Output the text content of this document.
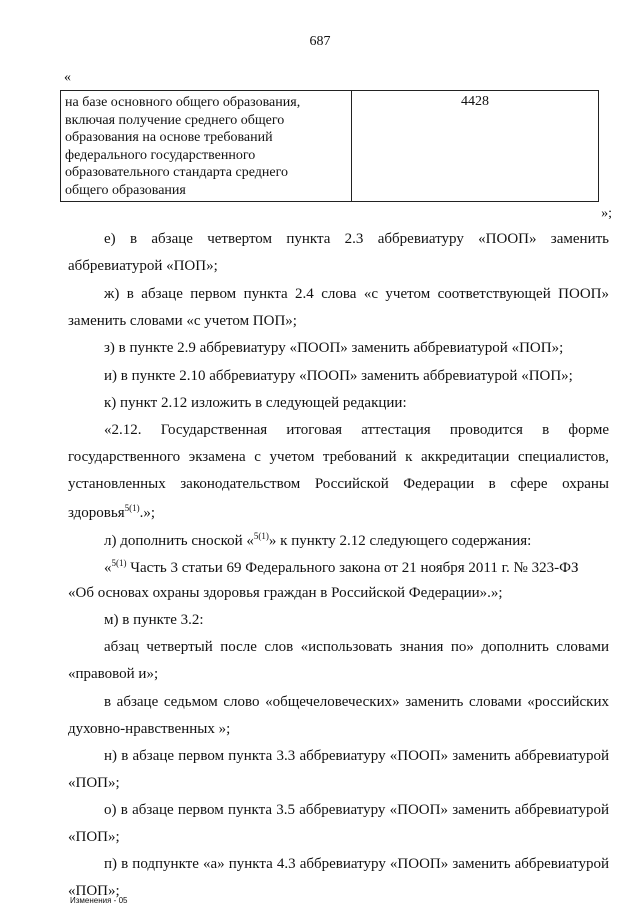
687
«
на базе основного общего образования,
включая получение среднего общего
образования на основе требований
федерального государственного
образовательного стандарта среднего
общего образования
4428
»;
е) в абзаце четвертом пункта 2.3 аббревиатуру «ПООП» заменить
аббревиатурой «ПОП»;
ж) в абзаце первом пункта 2.4 слова «с учетом соответствующей ПООП»
заменить словами «с учетом ПОП»;
з) в пункте 2.9 аббревиатуру «ПООП» заменить аббревиатурой «ПОП»;
и) в пункте 2.10 аббревиатуру «ПООП» заменить аббревиатурой «ПОП»;
к) пункт 2.12 изложить в следующей редакции:
«2.12. Государственная итоговая аттестация проводится в форме
государственного экзамена с учетом требований к аккредитации специалистов,
установленных законодательством Российской Федерации в сфере охраны
здоровья$^{5(1)}$.»;
л) дополнить сноской «$^{5(1)}$» к пункту 2.12 следующего содержания:
«$^{5(1)}$ Часть 3 статьи 69 Федерального закона от 21 ноября 2011 г. № 323-ФЗ
«Об основах охраны здоровья граждан в Российской Федерации».»;
м) в пункте 3.2:
абзац четвертый после слов «использовать знания по» дополнить словами
«правовой и»;
в абзаце седьмом слово «общечеловеческих» заменить словами «российских
духовно-нравственных »;
н) в абзаце первом пункта 3.3 аббревиатуру «ПООП» заменить аббревиатурой
«ПОП»;
о) в абзаце первом пункта 3.5 аббревиатуру «ПООП» заменить аббревиатурой
«ПОП»;
п) в подпункте «а» пункта 4.3 аббревиатуру «ПООП» заменить аббревиатурой
«ПОП»;
Изменения - 05
